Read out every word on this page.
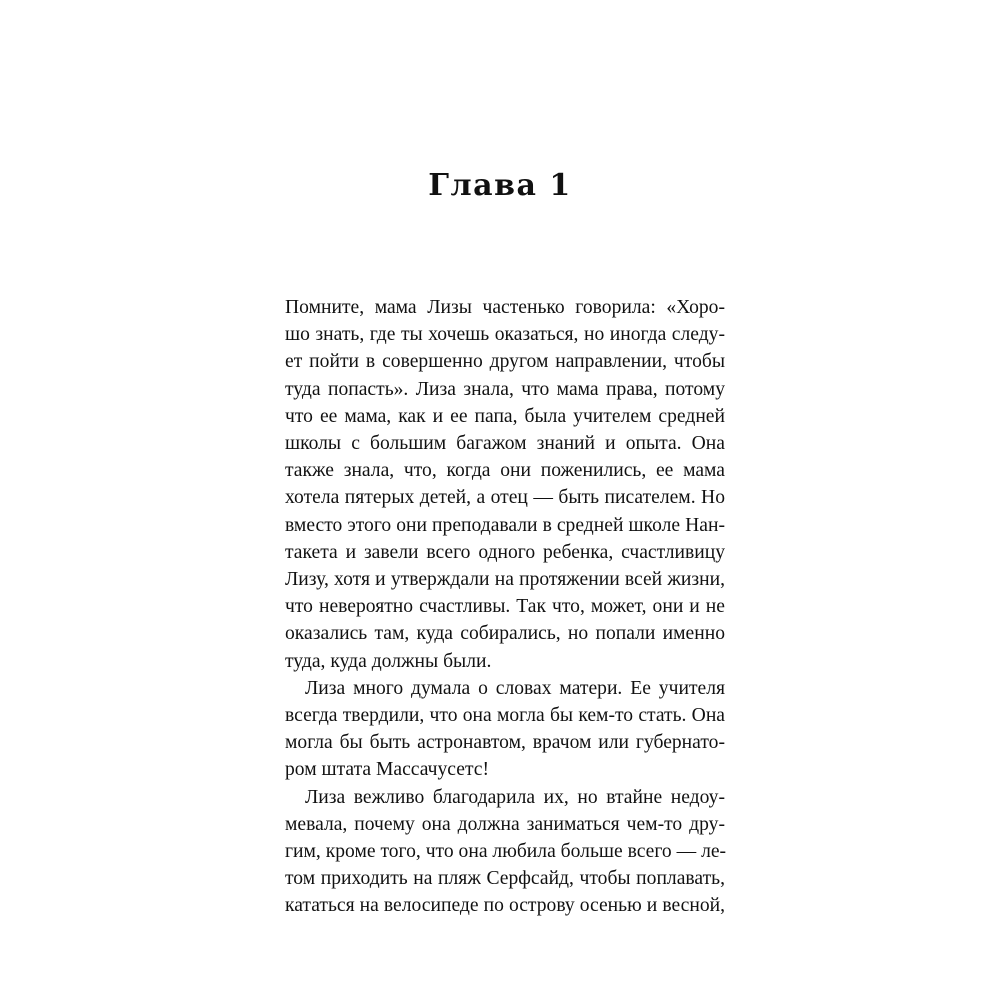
Глава 1
Помните, мама Лизы частенько говорила: «Хоро-
шо знать, где ты хочешь оказаться, но иногда следу-
ет пойти в совершенно другом направлении, чтобы
туда попасть». Лиза знала, что мама права, потому
что ее мама, как и ее папа, была учителем средней
школы с большим багажом знаний и опыта. Она
также знала, что, когда они поженились, ее мама
хотела пятерых детей, а отец — быть писателем. Но
вместо этого они преподавали в средней школе Нан-
такета и завели всего одного ребенка, счастливицу
Лизу, хотя и утверждали на протяжении всей жизни,
что невероятно счастливы. Так что, может, они и не
оказались там, куда собирались, но попали именно
туда, куда должны были.
Лиза много думала о словах матери. Ее учителя
всегда твердили, что она могла бы кем-то стать. Она
могла бы быть астронавтом, врачом или губернато-
ром штата Массачусетс!
Лиза вежливо благодарила их, но втайне недоу-
мевала, почему она должна заниматься чем-то дру-
гим, кроме того, что она любила больше всего — ле-
том приходить на пляж Серфсайд, чтобы поплавать,
кататься на велосипеде по острову осенью и весной,
